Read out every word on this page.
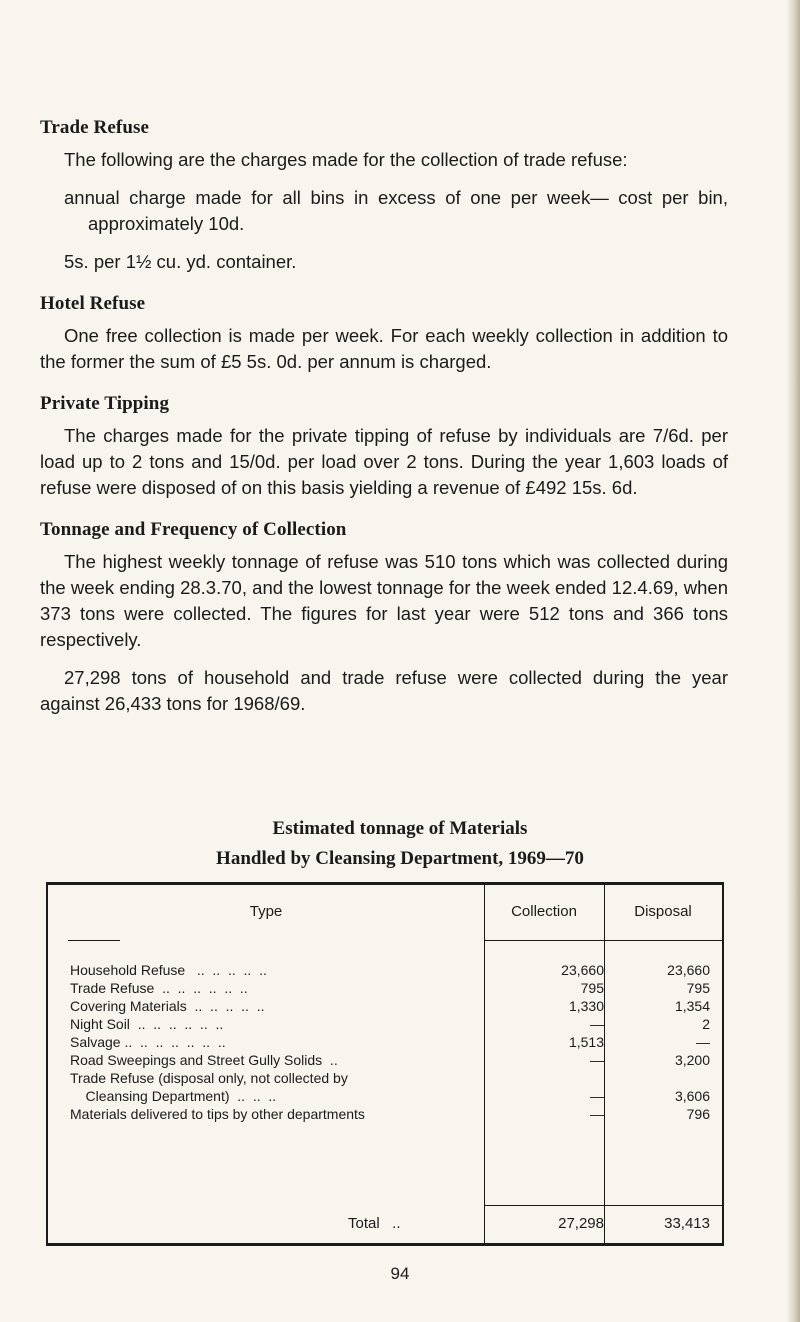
Trade Refuse

The following are the charges made for the collection of trade refuse:

annual charge made for all bins in excess of one per week— cost per bin, approximately 10d.

5s. per 1½ cu. yd. container.

Hotel Refuse

One free collection is made per week. For each weekly collection in addition to the former the sum of £5 5s. 0d. per annum is charged.

Private Tipping

The charges made for the private tipping of refuse by individuals are 7/6d. per load up to 2 tons and 15/0d. per load over 2 tons. During the year 1,603 loads of refuse were disposed of on this basis yielding a revenue of £492 15s. 6d.

Tonnage and Frequency of Collection

The highest weekly tonnage of refuse was 510 tons which was collected during the week ending 28.3.70, and the lowest tonnage for the week ended 12.4.69, when 373 tons were collected. The figures for last year were 512 tons and 366 tons respectively.

27,298 tons of household and trade refuse were collected during the year against 26,433 tons for 1968/69.

Estimated tonnage of Materials
Handled by Cleansing Department, 1969—70
Type	Collection	Disposal
Household Refuse   ..  ..  ..  ..  ..	23,660	23,660
Trade Refuse  ..  ..  ..  ..  ..  ..	795	795
Covering Materials  ..  ..  ..  ..  ..	1,330	1,354
Night Soil  ..  ..  ..  ..  ..  ..	—	2
Salvage ..  ..  ..  ..  ..  ..  ..	1,513	—
Road Sweepings and Street Gully Solids  ..	—	3,200
Trade Refuse (disposal only, not collected by
Cleansing Department)  ..  ..  ..	—	3,606
Materials delivered to tips by other departments	—	796
Total   ..	27,298	33,413
94
